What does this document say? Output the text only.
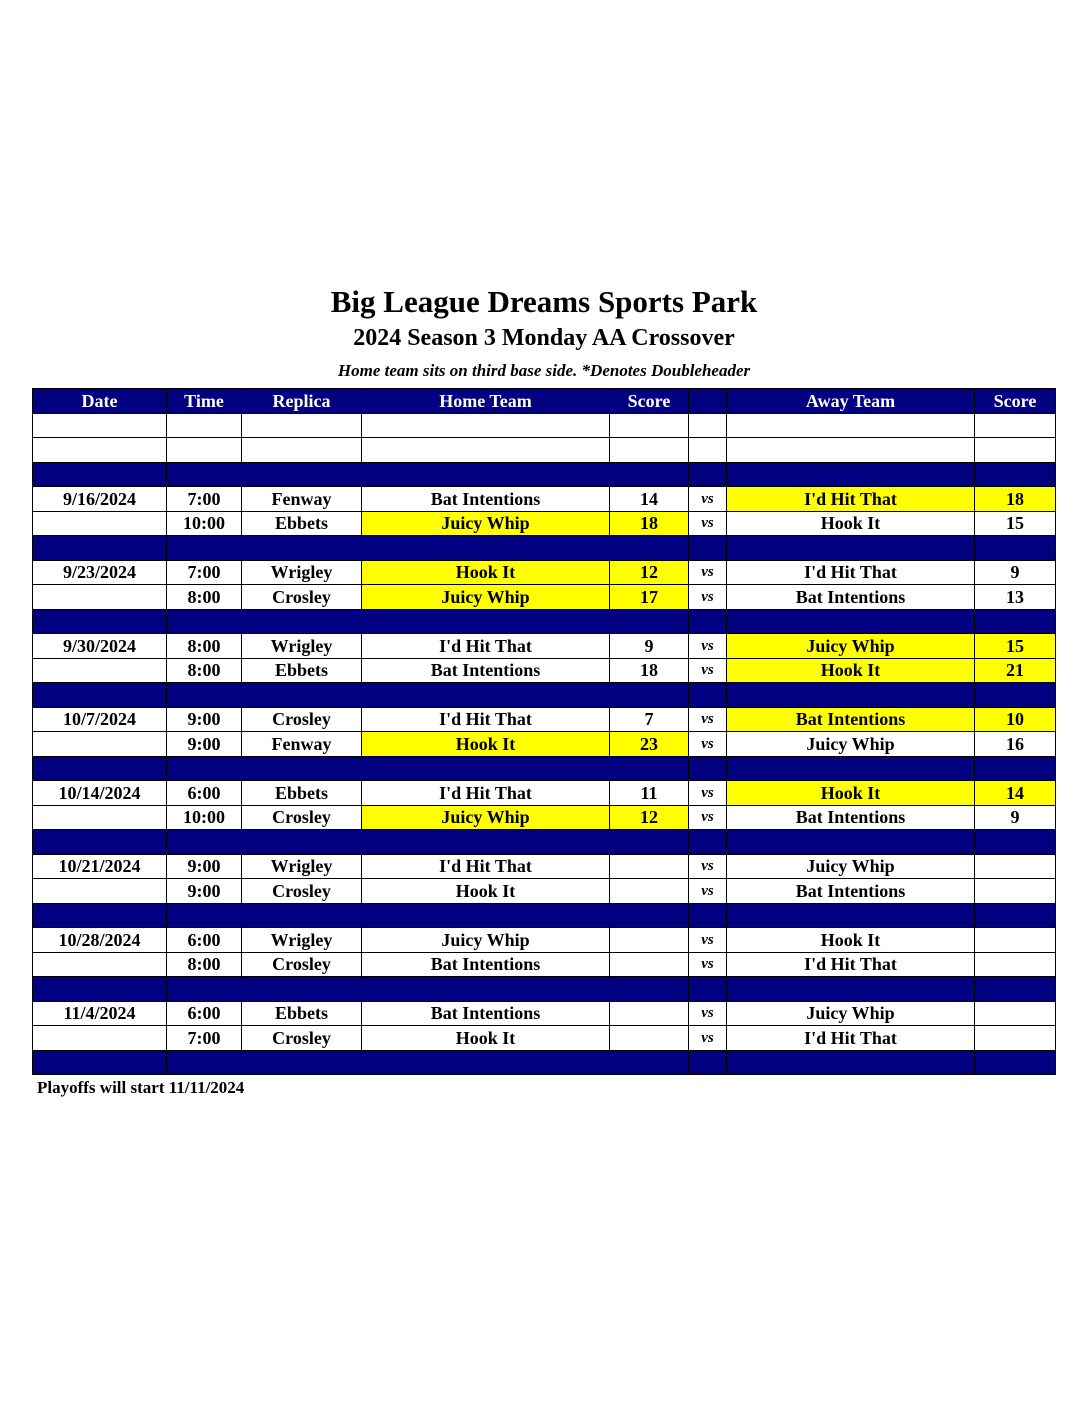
Big League Dreams Sports Park
2024 Season 3 Monday AA Crossover
Home team sits on third base side. *Denotes Doubleheader
Date	Time	Replica	Home Team	Score		Away Team	Score

9/16/2024	7:00	Fenway	Bat Intentions	14	vs	I'd Hit That	18
	10:00	Ebbets	Juicy Whip	18	vs	Hook It	15

9/23/2024	7:00	Wrigley	Hook It	12	vs	I'd Hit That	9
	8:00	Crosley	Juicy Whip	17	vs	Bat Intentions	13

9/30/2024	8:00	Wrigley	I'd Hit That	9	vs	Juicy Whip	15
	8:00	Ebbets	Bat Intentions	18	vs	Hook It	21

10/7/2024	9:00	Crosley	I'd Hit That	7	vs	Bat Intentions	10
	9:00	Fenway	Hook It	23	vs	Juicy Whip	16

10/14/2024	6:00	Ebbets	I'd Hit That	11	vs	Hook It	14
	10:00	Crosley	Juicy Whip	12	vs	Bat Intentions	9

10/21/2024	9:00	Wrigley	I'd Hit That		vs	Juicy Whip	
	9:00	Crosley	Hook It		vs	Bat Intentions	

10/28/2024	6:00	Wrigley	Juicy Whip		vs	Hook It	
	8:00	Crosley	Bat Intentions		vs	I'd Hit That	

11/4/2024	6:00	Ebbets	Bat Intentions		vs	Juicy Whip	
	7:00	Crosley	Hook It		vs	I'd Hit That	

Playoffs will start 11/11/2024
